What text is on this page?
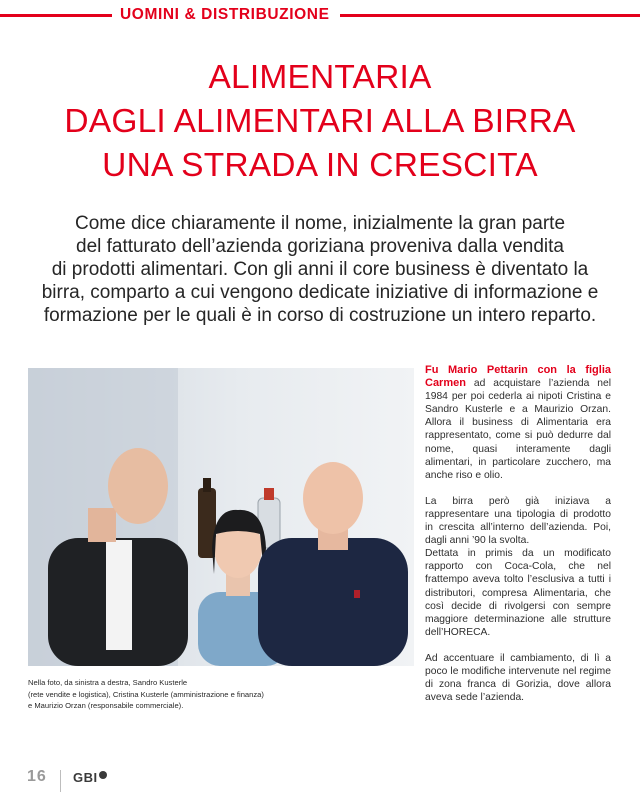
UOMINI & DISTRIBUZIONE
ALIMENTARIA
DAGLI ALIMENTARI ALLA BIRRA
UNA STRADA IN CRESCITA
Come dice chiaramente il nome, inizialmente la gran parte
del fatturato dell’azienda goriziana proveniva dalla vendita
di prodotti alimentari. Con gli anni il core business è diventato la
birra, comparto a cui vengono dedicate iniziative di informazione e
formazione per le quali è in corso di costruzione un intero reparto.
Nella foto, da sinistra a destra, Sandro Kusterle
(rete vendite e logistica), Cristina Kusterle (amministrazione e finanza)
e Maurizio Orzan (responsabile commerciale).

Fu Mario Pettarin con la figlia Carmen ad acquistare l’azienda nel 1984 per poi cederla ai nipoti Cristina e Sandro Kusterle e a Maurizio Orzan. Allora il business di Alimentaria era rappresentato, come si può dedurre dal nome, quasi interamente dagli alimentari, in particolare zucchero, ma anche riso e olio.

La birra però già iniziava a rappresentare una tipologia di prodotto in crescita all’interno dell’azienda. Poi, dagli anni ’90 la svolta.

Dettata in primis da un modificato rapporto con Coca-Cola, che nel frattempo aveva tolto l’esclusiva a tutti i distributori, compresa Alimentaria, che così decide di rivolgersi con sempre maggiore determinazione alle strutture dell’HORECA.

Ad accentuare il cambiamento, di lì a poco le modifiche intervenute nel regime di zona franca di Gorizia, dove allora aveva sede l’azienda.

16 GBI
